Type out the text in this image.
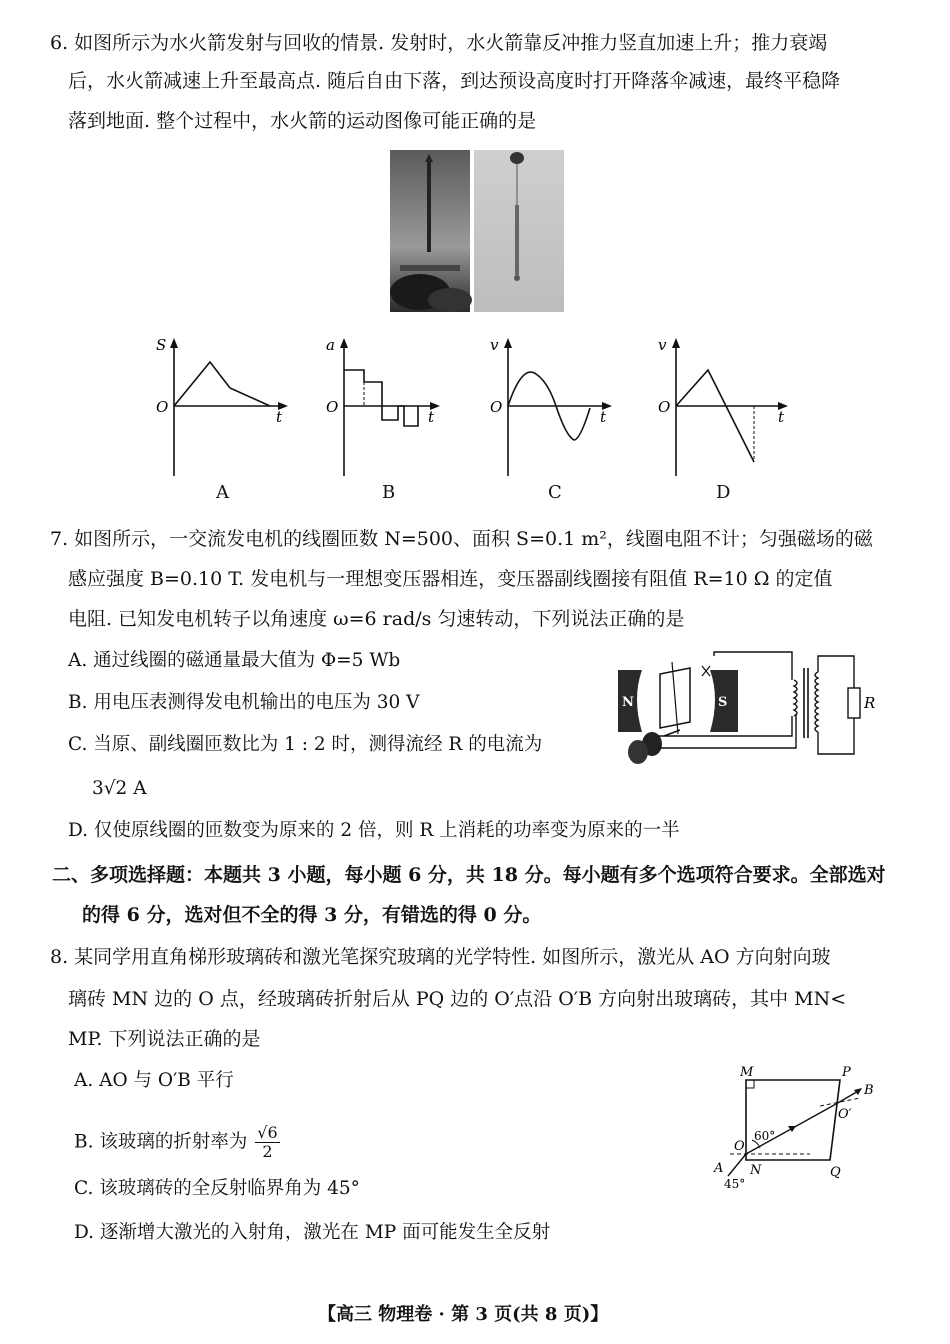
6. 如图所示为水火箭发射与回收的情景. 发射时，水火箭靠反冲推力竖直加速上升；推力衰竭
后，水火箭减速上升至最高点. 随后自由下落，到达预设高度时打开降落伞减速，最终平稳降
落到地面. 整个过程中，水火箭的运动图像可能正确的是
S
O
t
A
a
O
t
B
v
O
t
C
v
O
t
D
7. 如图所示，一交流发电机的线圈匝数 N=500、面积 S=0.1 m²，线圈电阻不计；匀强磁场的磁
感应强度 B=0.10 T. 发电机与一理想变压器相连，变压器副线圈接有阻值 R=10 Ω 的定值
电阻. 已知发电机转子以角速度 ω=6 rad/s 匀速转动，下列说法正确的是
A. 通过线圈的磁通量最大值为 Φ=5 Wb
B. 用电压表测得发电机输出的电压为 30 V
C. 当原、副线圈匝数比为 1 : 2 时，测得流经 R 的电流为
3√2 A
D. 仅使原线圈的匝数变为原来的 2 倍，则 R 上消耗的功率变为原来的一半
N	S	R
二、多项选择题：本题共 3 小题，每小题 6 分，共 18 分。每小题有多个选项符合要求。全部选对
的得 6 分，选对但不全的得 3 分，有错选的得 0 分。
8. 某同学用直角梯形玻璃砖和激光笔探究玻璃的光学特性. 如图所示，激光从 AO 方向射向玻
璃砖 MN 边的 O 点，经玻璃砖折射后从 PQ 边的 O′点沿 O′B 方向射出玻璃砖，其中 MN<
MP. 下列说法正确的是
A. AO 与 O′B 平行
B. 该玻璃的折射率为 $\frac{√6}{2}$
C. 该玻璃砖的全反射临界角为 45°
D. 逐渐增大激光的入射角，激光在 MP 面可能发生全反射
M	P
B
O′
O
60°
A N	Q
45°
【高三 物理卷 · 第 3 页(共 8 页)】
